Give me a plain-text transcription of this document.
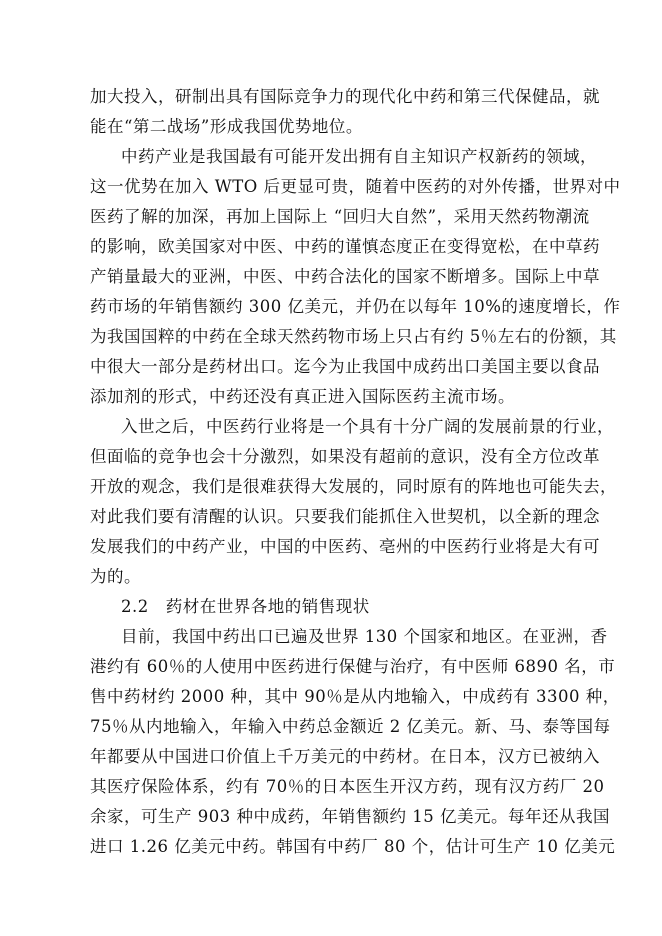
加大投入，研制出具有国际竞争力的现代化中药和第三代保健品，就
能在“第二战场”形成我国优势地位。
中药产业是我国最有可能开发出拥有自主知识产权新药的领域，
这一优势在加入 WTO 后更显可贵，随着中医药的对外传播，世界对中
医药了解的加深，再加上国际上 “回归大自然”，采用天然药物潮流
的影响，欧美国家对中医、中药的谨慎态度正在变得宽松，在中草药
产销量最大的亚洲，中医、中药合法化的国家不断增多。国际上中草
药市场的年销售额约 300 亿美元，并仍在以每年 10%的速度增长，作
为我国国粹的中药在全球天然药物市场上只占有约 5％左右的份额，其
中很大一部分是药材出口。迄今为止我国中成药出口美国主要以食品
添加剂的形式，中药还没有真正进入国际医药主流市场。
入世之后，中医药行业将是一个具有十分广阔的发展前景的行业，
但面临的竞争也会十分激烈，如果没有超前的意识，没有全方位改革
开放的观念，我们是很难获得大发展的，同时原有的阵地也可能失去，
对此我们要有清醒的认识。只要我们能抓住入世契机，以全新的理念
发展我们的中药产业，中国的中医药、亳州的中医药行业将是大有可
为的。
2.2　药材在世界各地的销售现状
目前，我国中药出口已遍及世界 130 个国家和地区。在亚洲，香
港约有 60％的人使用中医药进行保健与治疗，有中医师 6890 名，市
售中药材约 2000 种，其中 90％是从内地输入，中成药有 3300 种，
75％从内地输入，年输入中药总金额近 2 亿美元。新、马、泰等国每
年都要从中国进口价值上千万美元的中药材。在日本，汉方已被纳入
其医疗保险体系，约有 70％的日本医生开汉方药，现有汉方药厂 20
余家，可生产 903 种中成药，年销售额约 15 亿美元。每年还从我国
进口 1.26 亿美元中药。韩国有中药厂 80 个，估计可生产 10 亿美元
